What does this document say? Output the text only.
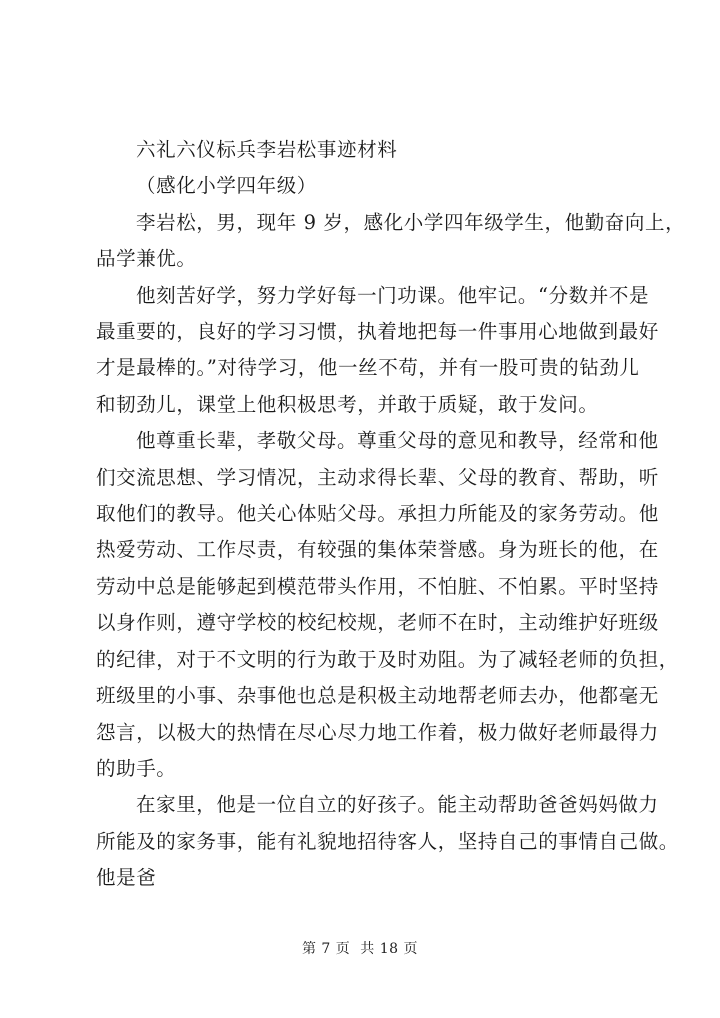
六礼六仪标兵李岩松事迹材料

（感化小学四年级）

李岩松，男，现年 9 岁，感化小学四年级学生，他勤奋向上，

品学兼优。

他刻苦好学，努力学好每一门功课。他牢记。“分数并不是

最重要的，良好的学习习惯，执着地把每一件事用心地做到最好

才是最棒的。”对待学习，他一丝不苟，并有一股可贵的钻劲儿

和韧劲儿，课堂上他积极思考，并敢于质疑，敢于发问。

他尊重长辈，孝敬父母。尊重父母的意见和教导，经常和他

们交流思想、学习情况，主动求得长辈、父母的教育、帮助，听

取他们的教导。他关心体贴父母。承担力所能及的家务劳动。他

热爱劳动、工作尽责，有较强的集体荣誉感。身为班长的他，在

劳动中总是能够起到模范带头作用，不怕脏、不怕累。平时坚持

以身作则，遵守学校的校纪校规，老师不在时，主动维护好班级

的纪律，对于不文明的行为敢于及时劝阻。为了减轻老师的负担，

班级里的小事、杂事他也总是积极主动地帮老师去办，他都毫无

怨言，以极大的热情在尽心尽力地工作着，极力做好老师最得力

的助手。

在家里，他是一位自立的好孩子。能主动帮助爸爸妈妈做力

所能及的家务事，能有礼貌地招待客人，坚持自己的事情自己做。

他是爸

第 7 页 共 18 页
